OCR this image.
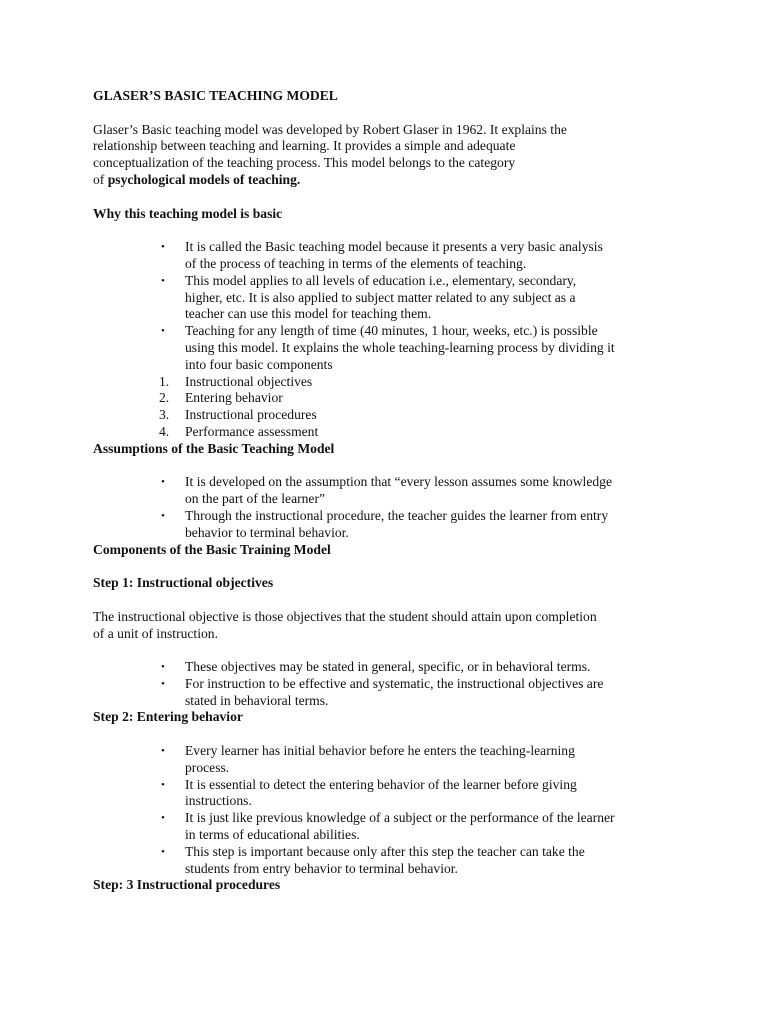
GLASER’S BASIC TEACHING MODEL

Glaser’s Basic teaching model was developed by Robert Glaser in 1962. It explains the

relationship between teaching and learning. It provides a simple and adequate

conceptualization of the teaching process. This model belongs to the category

of psychological models of teaching.

Why this teaching model is basic

• It is called the Basic teaching model because it presents a very basic analysis
of the process of teaching in terms of the elements of teaching.
• This model applies to all levels of education i.e., elementary, secondary,
higher, etc. It is also applied to subject matter related to any subject as a
teacher can use this model for teaching them.
• Teaching for any length of time (40 minutes, 1 hour, weeks, etc.) is possible
using this model. It explains the whole teaching-learning process by dividing it
into four basic components
1. Instructional objectives
2. Entering behavior
3. Instructional procedures
4. Performance assessment

Assumptions of the Basic Teaching Model

• It is developed on the assumption that “every lesson assumes some knowledge
on the part of the learner”
• Through the instructional procedure, the teacher guides the learner from entry
behavior to terminal behavior.

Components of the Basic Training Model

Step 1: Instructional objectives

The instructional objective is those objectives that the student should attain upon completion

of a unit of instruction.

• These objectives may be stated in general, specific, or in behavioral terms.
• For instruction to be effective and systematic, the instructional objectives are
stated in behavioral terms.

Step 2: Entering behavior

• Every learner has initial behavior before he enters the teaching-learning
process.
• It is essential to detect the entering behavior of the learner before giving
instructions.
• It is just like previous knowledge of a subject or the performance of the learner
in terms of educational abilities.
• This step is important because only after this step the teacher can take the
students from entry behavior to terminal behavior.

Step: 3 Instructional procedures
